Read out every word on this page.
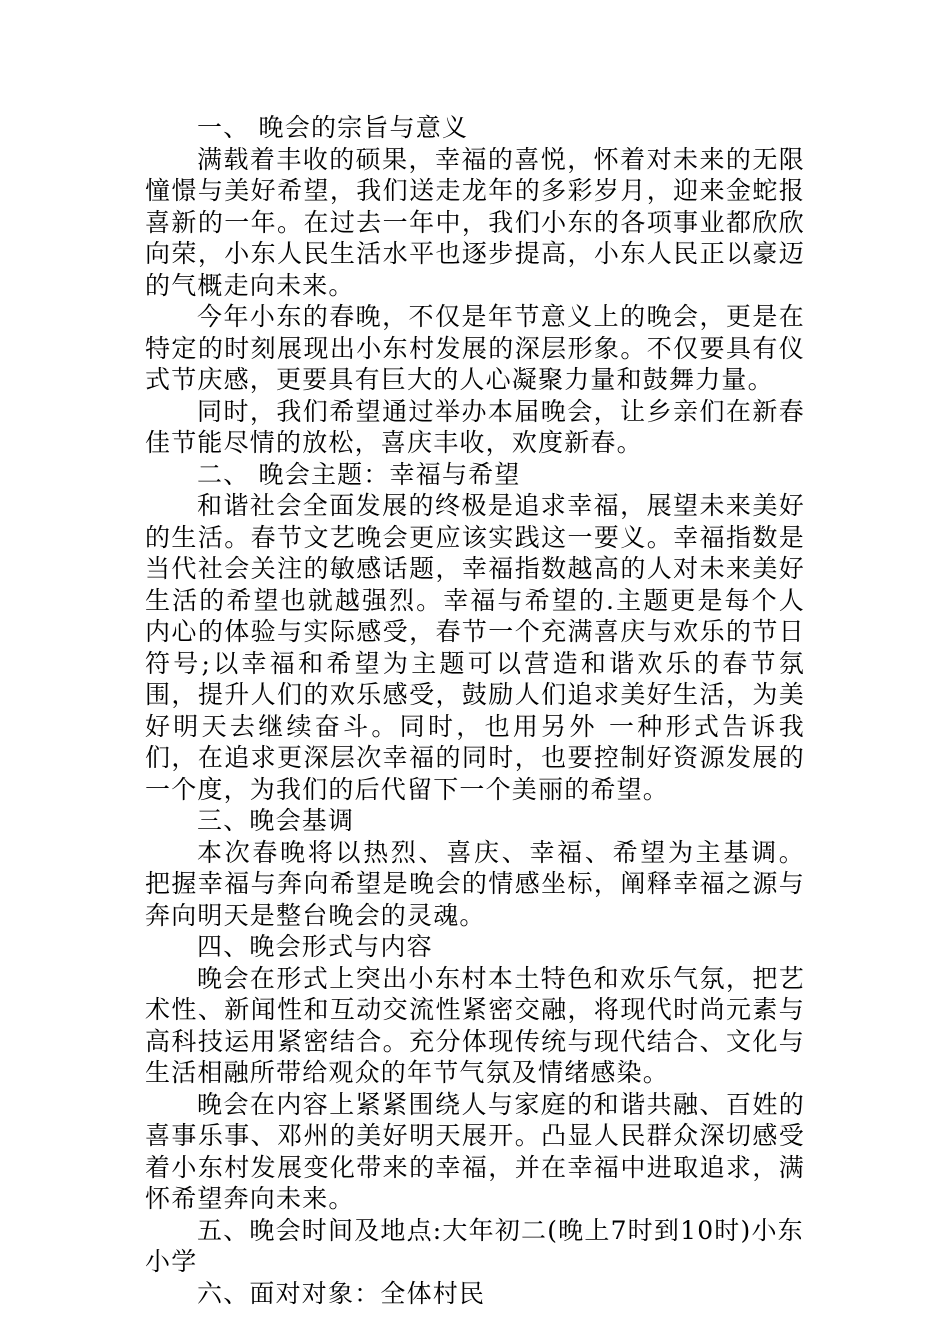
一、 晚会的宗旨与意义

满载着丰收的硕果，幸福的喜悦，怀着对未来的无限憧憬与美好希望，我们送走龙年的多彩岁月，迎来金蛇报喜新的一年。在过去一年中，我们小东的各项事业都欣欣向荣，小东人民生活水平也逐步提高，小东人民正以豪迈的气概走向未来。

今年小东的春晚，不仅是年节意义上的晚会，更是在特定的时刻展现出小东村发展的深层形象。不仅要具有仪式节庆感，更要具有巨大的人心凝聚力量和鼓舞力量。

同时，我们希望通过举办本届晚会，让乡亲们在新春佳节能尽情的放松，喜庆丰收，欢度新春。

二、 晚会主题：幸福与希望

和谐社会全面发展的终极是追求幸福，展望未来美好的生活。春节文艺晚会更应该实践这一要义。幸福指数是当代社会关注的敏感话题，幸福指数越高的人对未来美好生活的希望也就越强烈。幸福与希望的.主题更是每个人内心的体验与实际感受，春节一个充满喜庆与欢乐的节日符号;以幸福和希望为主题可以营造和谐欢乐的春节氛围，提升人们的欢乐感受，鼓励人们追求美好生活，为美好明天去继续奋斗。同时，也用另外 一种形式告诉我们，在追求更深层次幸福的同时，也要控制好资源发展的一个度，为我们的后代留下一个美丽的希望。

三、晚会基调

本次春晚将以热烈、喜庆、幸福、希望为主基调。 把握幸福与奔向希望是晚会的情感坐标，阐释幸福之源与奔向明天是整台晚会的灵魂。

四、晚会形式与内容

晚会在形式上突出小东村本土特色和欢乐气氛，把艺术性、新闻性和互动交流性紧密交融，将现代时尚元素与高科技运用紧密结合。充分体现传统与现代结合、文化与生活相融所带给观众的年节气氛及情绪感染。

晚会在内容上紧紧围绕人与家庭的和谐共融、百姓的喜事乐事、邓州的美好明天展开。凸显人民群众深切感受着小东村发展变化带来的幸福，并在幸福中进取追求，满怀希望奔向未来。

五、晚会时间及地点:大年初二(晚上7时到10时)小东小学

六、面对对象：全体村民
